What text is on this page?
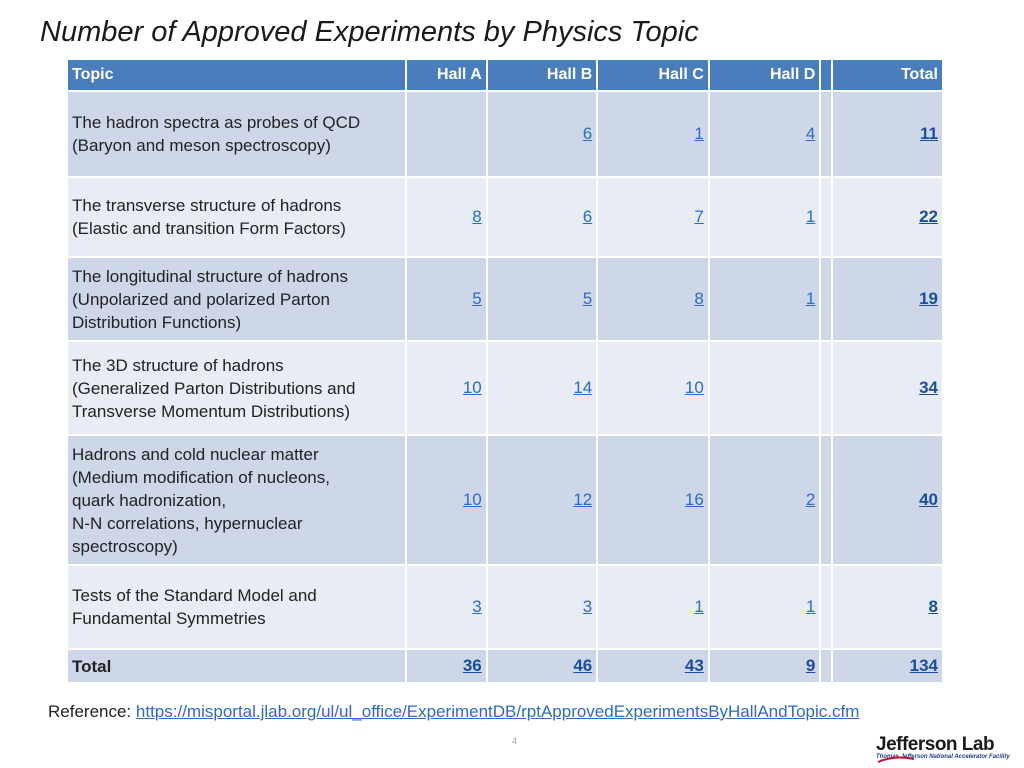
Number of Approved Experiments by Physics Topic
Topic	Hall A	Hall B	Hall C	Hall D		Total

The hadron spectra as probes of QCD
(Baryon and meson spectroscopy)		6	1	4		11

The transverse structure of hadrons
(Elastic and transition Form Factors)	8	6	7	1		22

The longitudinal structure of hadrons
(Unpolarized and polarized Parton
Distribution Functions)	5	5	8	1		19

The 3D structure of hadrons
(Generalized Parton Distributions and
Transverse Momentum Distributions)	10	14	10			34

Hadrons and cold nuclear matter
(Medium modification of nucleons,
quark hadronization,
N-N correlations, hypernuclear
spectroscopy)	10	12	16	2		40

Tests of the Standard Model and
Fundamental Symmetries	3	3	1	1		8
Total	36	46	43	9		134
Reference: https://misportal.jlab.org/ul/ul_office/ExperimentDB/rptApprovedExperimentsByHallAndTopic.cfm
4	Jefferson Lab
Thomas Jefferson National Accelerator Facility
